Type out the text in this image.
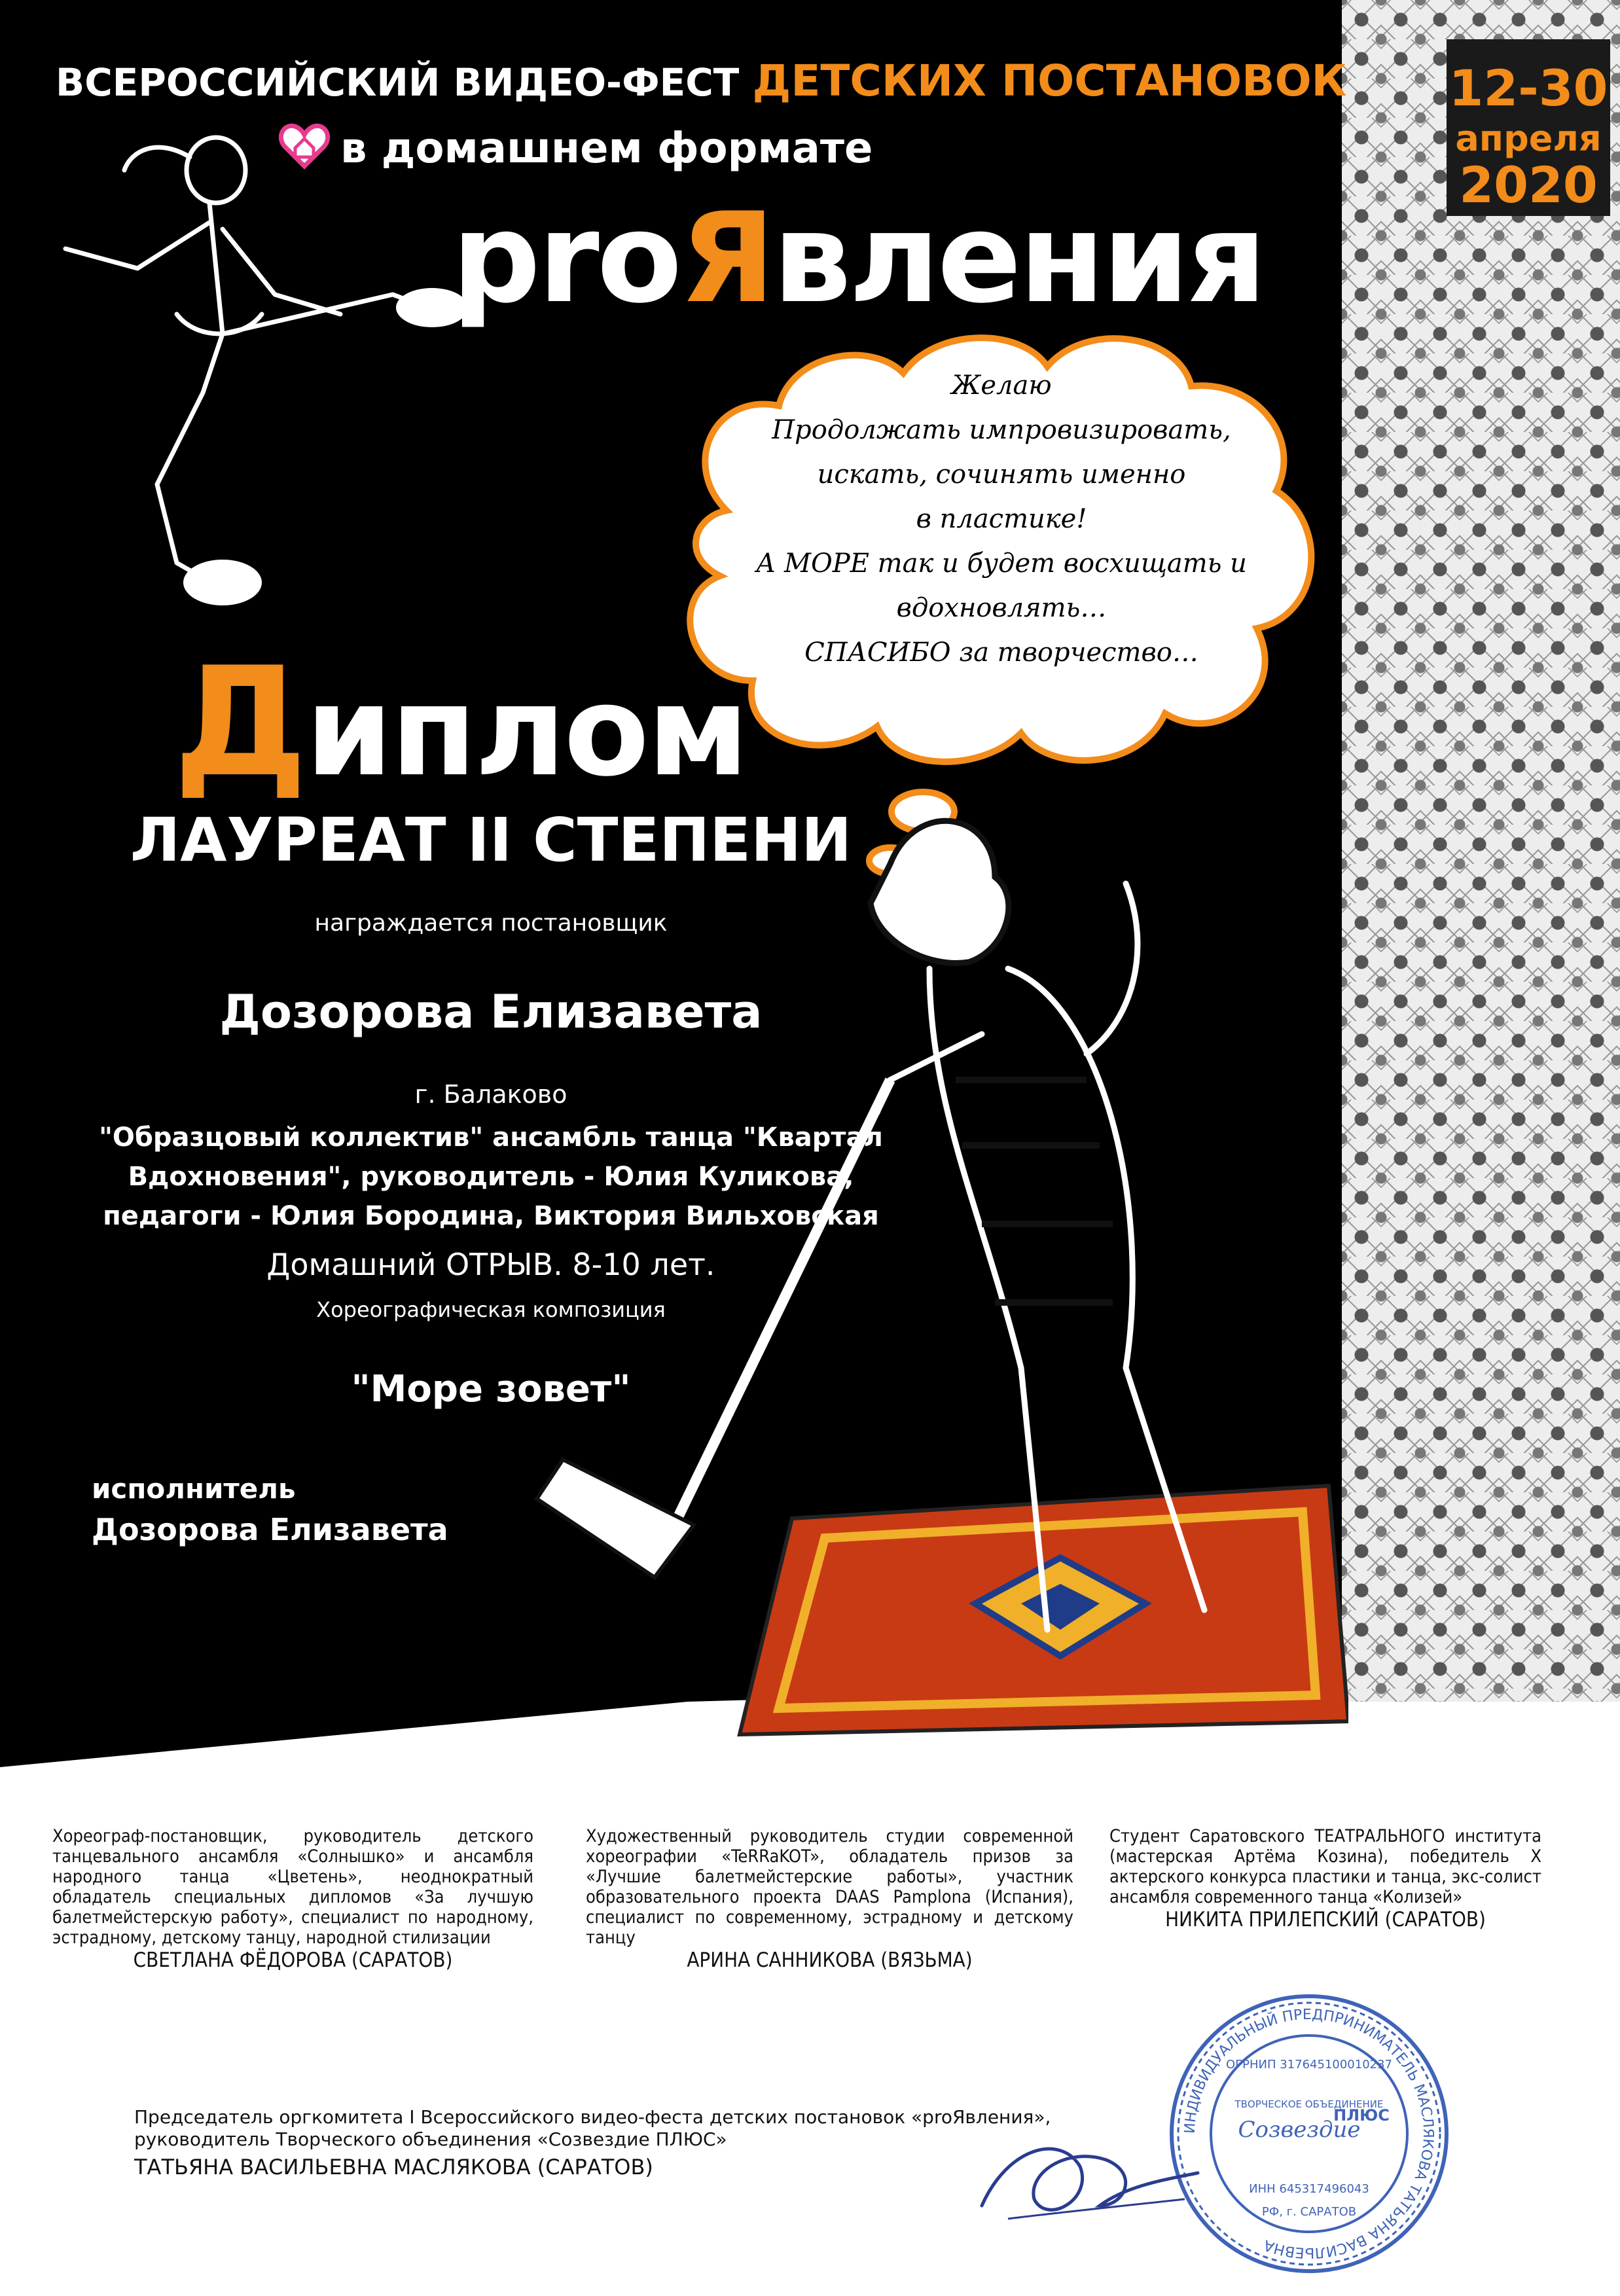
ВСЕРОССИЙСКИЙ ВИДЕО-ФЕСТ ДЕТСКИХ ПОСТАНОВОК
в домашнем формате
proЯвления
12-30
апреля
2020
Желаю
Продолжать импровизировать,
искать, сочинять именно
в пластике!
А МОРЕ так и будет восхищать и
вдохновлять…
СПАСИБО за творчество…
Диплом
ЛАУРЕАТ II СТЕПЕНИ
награждается постановщик
Дозорова Елизавета
г. Балаково
"Образцовый коллектив" ансамбль танца "Квартал
Вдохновения", руководитель - Юлия Куликова,
педагоги - Юлия Бородина, Виктория Вильховская
Домашний ОТРЫВ. 8-10 лет.
Хореографическая композиция
"Море зовет"
исполнитель
Дозорова Елизавета
Хореограф-постановщик, руководитель детского танцевального ансамбля «Солнышко» и ансамбля народного танца «Цветень», неоднократный обладатель специальных дипломов «За лучшую балетмейстерскую работу», специалист по народному, эстрадному, детскому танцу, народной стилизации
СВЕТЛАНА ФЁДОРОВА (САРАТОВ)
Художественный руководитель студии современной хореографии «TeRRaKOT», обладатель призов за «Лучшие балетмейстерские работы», участник образовательного проекта DAAS Pamplona (Испания), специалист по современному, эстрадному и детскому танцу
АРИНА САННИКОВА (ВЯЗЬМА)
Студент Саратовского ТЕАТРАЛЬНОГО института (мастерская Артёма Козина), победитель X актерского конкурса пластики и танца, экс-солист ансамбля современного танца «Колизей»
НИКИТА ПРИЛЕПСКИЙ (САРАТОВ)
Председатель оргкомитета I Всероссийского видео-феста детских постановок «proЯвления»,
руководитель Творческого объединения «Созвездие ПЛЮС»
ТАТЬЯНА ВАСИЛЬЕВНА МАСЛЯКОВА (САРАТОВ)
ИНДИВИДУАЛЬНЫЙ ПРЕДПРИНИМАТЕЛЬ МАСЛЯКОВА ТАТЬЯНА ВАСИЛЬЕВНА
ОГРНИП 317645100010237
ТВОРЧЕСКОЕ ОБЪЕДИНЕНИЕ
Созвездие
ПЛЮС
ИНН 645317496043
РФ, г. САРАТОВ
